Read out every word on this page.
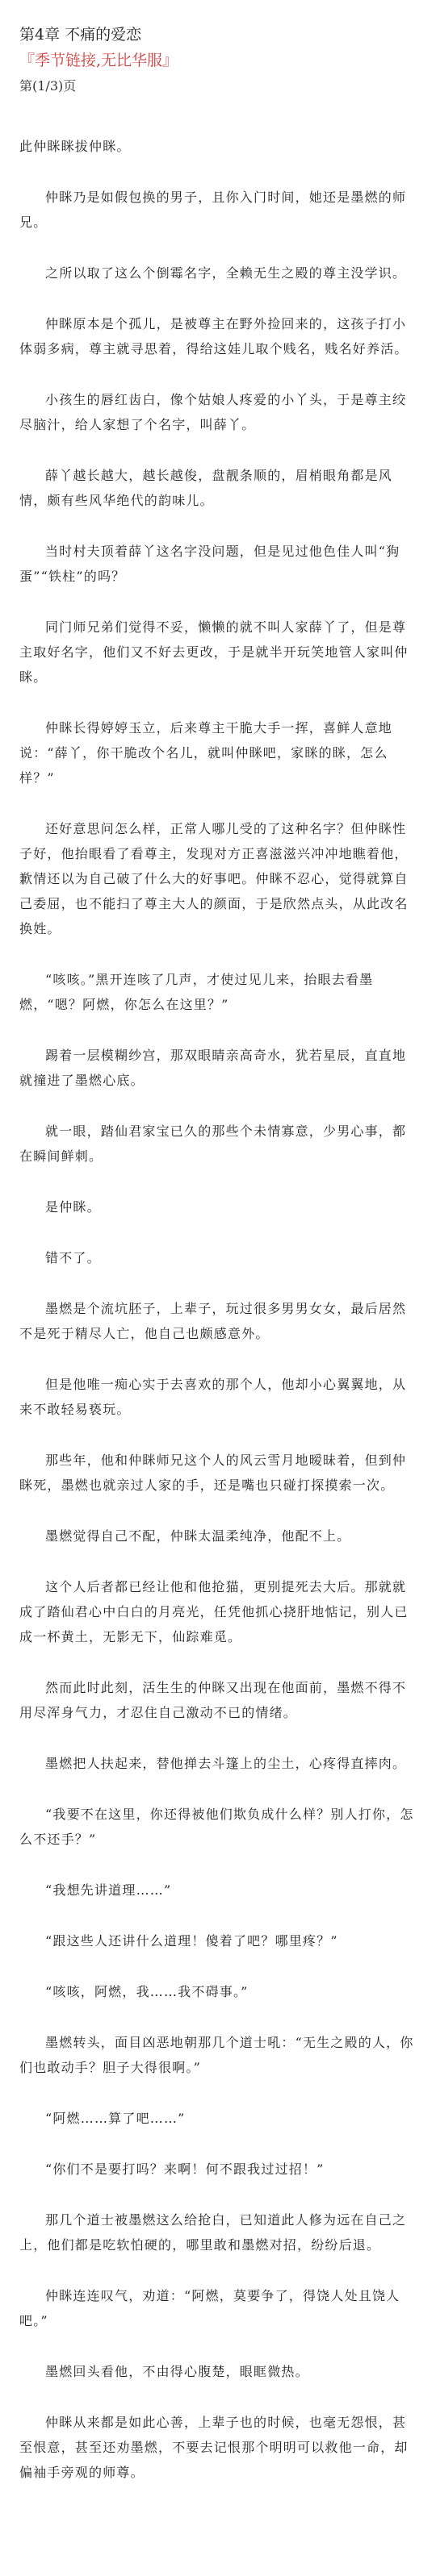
第4章 不痛的爱恋
『季节链接,无比华服』
第(1/3)页

此仲眯眯拔仲眯。

仲眯乃是如假包换的男子，且你入门时间，她还是墨燃的师兄。

之所以取了这么个倒霉名字，全赖无生之殿的尊主没学识。

仲眯原本是个孤儿，是被尊主在野外捡回来的，这孩子打小体弱多病，尊主就寻思着，得给这娃儿取个贱名，贱名好养活。

小孩生的唇红齿白，像个姑娘人疼爱的小丫头，于是尊主绞尽脑汁，给人家想了个名字，叫薛丫。

薛丫越长越大，越长越俊，盘靓条顺的，眉梢眼角都是风情，颇有些风华绝代的韵味儿。

当时村夫顶着薛丫这名字没问题，但是见过他色佳人叫“狗蛋”“铁柱”的吗？

同门师兄弟们觉得不妥，懒懒的就不叫人家薛丫了，但是尊主取好名字，他们又不好去更改，于是就半开玩笑地管人家叫仲眯。

仲眯长得婷婷玉立，后来尊主干脆大手一挥，喜鲜人意地说：“薛丫，你干脆改个名儿，就叫仲眯吧，家眯的眯，怎么样？”

还好意思问怎么样，正常人哪儿受的了这种名字？但仲眯性子好，他抬眼看了看尊主，发现对方正喜滋滋兴冲冲地瞧着他，歉情还以为自己破了什么大的好事吧。仲眯不忍心，觉得就算自己委屈，也不能扫了尊主大人的颜面，于是欣然点头，从此改名换姓。

“咳咳。”黑开连咳了几声，才使过见儿来，抬眼去看墨燃，“嗯？阿燃，你怎么在这里？”

踢着一层模糊纱宫，那双眼睛亲高奇水，犹若星辰，直直地就撞进了墨燃心底。

就一眼，踏仙君家宝已久的那些个未情寡意，少男心事，都在瞬间鲜刺。

是仲眯。

错不了。

墨燃是个流坑胚子，上辈子，玩过很多男男女女，最后居然不是死于精尽人亡，他自己也颇感意外。

但是他唯一痴心实于去喜欢的那个人，他却小心翼翼地，从来不敢轻易亵玩。

那些年，他和仲眯师兄这个人的风云雪月地暧昧着，但到仲眯死，墨燃也就亲过人家的手，还是嘴也只碰打探摸索一次。

墨燃觉得自己不配，仲眯太温柔纯净，他配不上。

这个人后者都已经让他和他抢猫，更别提死去大后。那就就成了踏仙君心中白白的月亮光，任凭他抓心挠肝地惦记，别人已成一杯黄土，无影无下，仙踪难觅。

然而此时此刻，活生生的仲眯又出现在他面前，墨燃不得不用尽浑身气力，才忍住自己激动不已的情绪。

墨燃把人扶起来，替他掸去斗篷上的尘土，心疼得直摔肉。

“我要不在这里，你还得被他们欺负成什么样？别人打你，怎么不还手？”

“我想先讲道理……”

“跟这些人还讲什么道理！傻着了吧？哪里疼？”

“咳咳，阿燃，我……我不碍事。”

墨燃转头，面目凶恶地朝那几个道士吼：“无生之殿的人，你们也敢动手？胆子大得很啊。”

“阿燃……算了吧……”

“你们不是要打吗？来啊！何不跟我过过招！”

那几个道士被墨燃这么给抢白，已知道此人修为远在自己之上，他们都是吃软怕硬的，哪里敢和墨燃对招，纷纷后退。

仲眯连连叹气，劝道：“阿燃，莫要争了，得饶人处且饶人吧。”

墨燃回头看他，不由得心腹楚，眼眶微热。

仲眯从来都是如此心善，上辈子也的时候，也毫无怨恨，甚至恨意，甚至还劝墨燃，不要去记恨那个明明可以救他一命，却偏袖手旁观的师尊。
